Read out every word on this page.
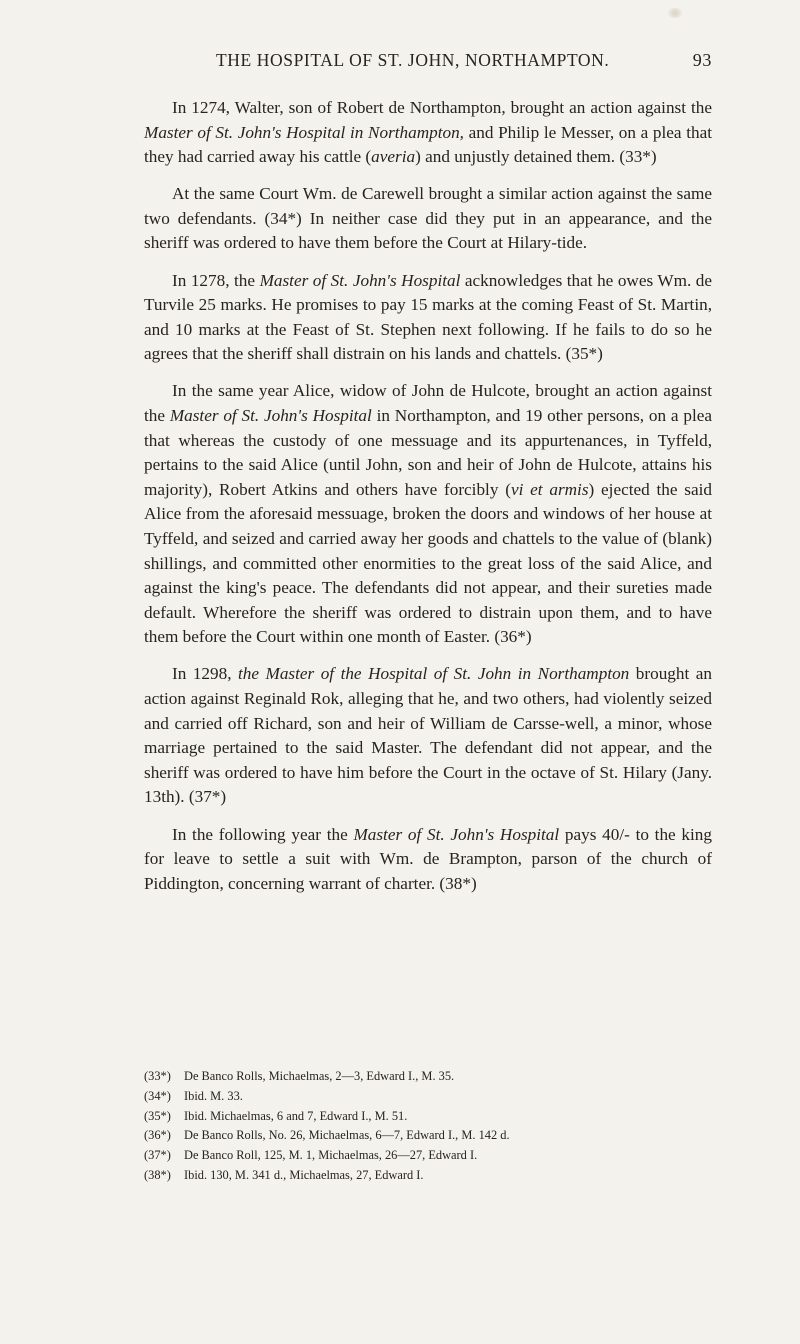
THE HOSPITAL OF ST. JOHN, NORTHAMPTON.	93

In 1274, Walter, son of Robert de Northampton, brought an action against the Master of St. John's Hospital in Northampton, and Philip le Messer, on a plea that they had carried away his cattle (averia) and unjustly detained them. (33*)

At the same Court Wm. de Carewell brought a similar action against the same two defendants. (34*) In neither case did they put in an appearance, and the sheriff was ordered to have them before the Court at Hilary-tide.

In 1278, the Master of St. John's Hospital acknowledges that he owes Wm. de Turvile 25 marks. He promises to pay 15 marks at the coming Feast of St. Martin, and 10 marks at the Feast of St. Stephen next following. If he fails to do so he agrees that the sheriff shall distrain on his lands and chattels. (35*)

In the same year Alice, widow of John de Hulcote, brought an action against the Master of St. John's Hospital in Northampton, and 19 other persons, on a plea that whereas the custody of one messuage and its appurtenances, in Tyffeld, pertains to the said Alice (until John, son and heir of John de Hulcote, attains his majority), Robert Atkins and others have forcibly (vi et armis) ejected the said Alice from the aforesaid messuage, broken the doors and windows of her house at Tyffeld, and seized and carried away her goods and chattels to the value of (blank) shillings, and committed other enormities to the great loss of the said Alice, and against the king's peace. The defendants did not appear, and their sureties made default. Wherefore the sheriff was ordered to distrain upon them, and to have them before the Court within one month of Easter. (36*)

In 1298, the Master of the Hospital of St. John in Northampton brought an action against Reginald Rok, alleging that he, and two others, had violently seized and carried off Richard, son and heir of William de Carsse-well, a minor, whose marriage pertained to the said Master. The defendant did not appear, and the sheriff was ordered to have him before the Court in the octave of St. Hilary (Jany. 13th). (37*)

In the following year the Master of St. John's Hospital pays 40/- to the king for leave to settle a suit with Wm. de Brampton, parson of the church of Piddington, concerning warrant of charter. (38*)

(33*)	De Banco Rolls, Michaelmas, 2—3, Edward I., M. 35.
(34*)	Ibid. M. 33.
(35*)	Ibid. Michaelmas, 6 and 7, Edward I., M. 51.
(36*)	De Banco Rolls, No. 26, Michaelmas, 6—7, Edward I., M. 142 d.
(37*)	De Banco Roll, 125, M. 1, Michaelmas, 26—27, Edward I.
(38*)	Ibid. 130, M. 341 d., Michaelmas, 27, Edward I.
